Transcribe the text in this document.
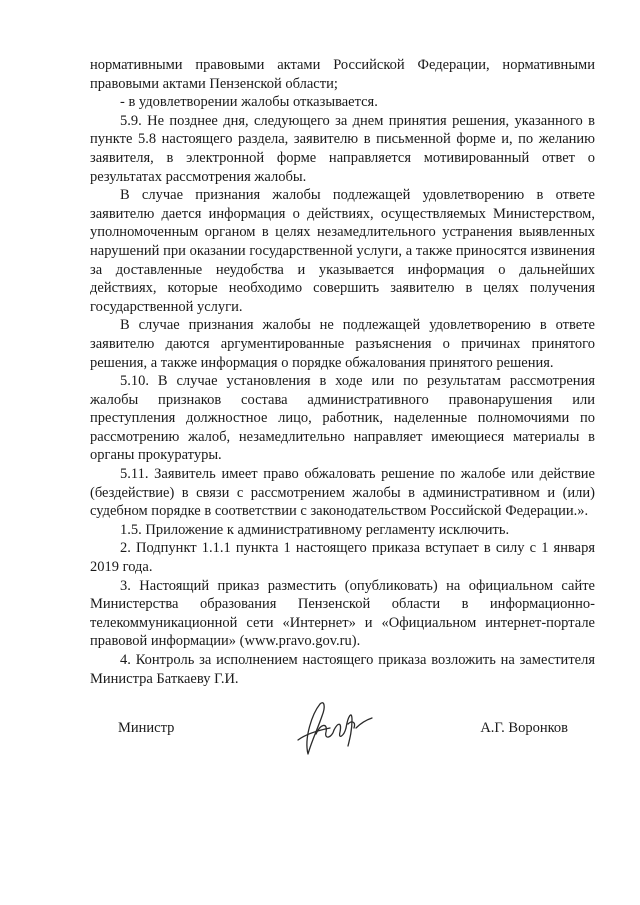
нормативными правовыми актами Российской Федерации, нормативными правовыми актами Пензенской области;

- в удовлетворении жалобы отказывается.

5.9. Не позднее дня, следующего за днем принятия решения, указанного в пункте 5.8 настоящего раздела, заявителю в письменной форме и, по желанию заявителя, в электронной форме направляется мотивированный ответ о результатах рассмотрения жалобы.

В случае признания жалобы подлежащей удовлетворению в ответе заявителю дается информация о действиях, осуществляемых Министерством, уполномоченным органом в целях незамедлительного устранения выявленных нарушений при оказании государственной услуги, а также приносятся извинения за доставленные неудобства и указывается информация о дальнейших действиях, которые необходимо совершить заявителю в целях получения государственной услуги.

В случае признания жалобы не подлежащей удовлетворению в ответе заявителю даются аргументированные разъяснения о причинах принятого решения, а также информация о порядке обжалования принятого решения.

5.10. В случае установления в ходе или по результатам рассмотрения жалобы признаков состава административного правонарушения или преступления должностное лицо, работник, наделенные полномочиями по рассмотрению жалоб, незамедлительно направляет имеющиеся материалы в органы прокуратуры.

5.11. Заявитель имеет право обжаловать решение по жалобе или действие (бездействие) в связи с рассмотрением жалобы в административном и (или) судебном порядке в соответствии с законодательством Российской Федерации.».

1.5. Приложение к административному регламенту исключить.

2. Подпункт 1.1.1 пункта 1 настоящего приказа вступает в силу с 1 января 2019 года.

3. Настоящий приказ разместить (опубликовать) на официальном сайте Министерства образования Пензенской области в информационно-телекоммуникационной сети «Интернет» и «Официальном интернет-портале правовой информации» (www.pravo.gov.ru).

4. Контроль за исполнением настоящего приказа возложить на заместителя Министра Баткаеву Г.И.

Министр	А.Г. Воронков
